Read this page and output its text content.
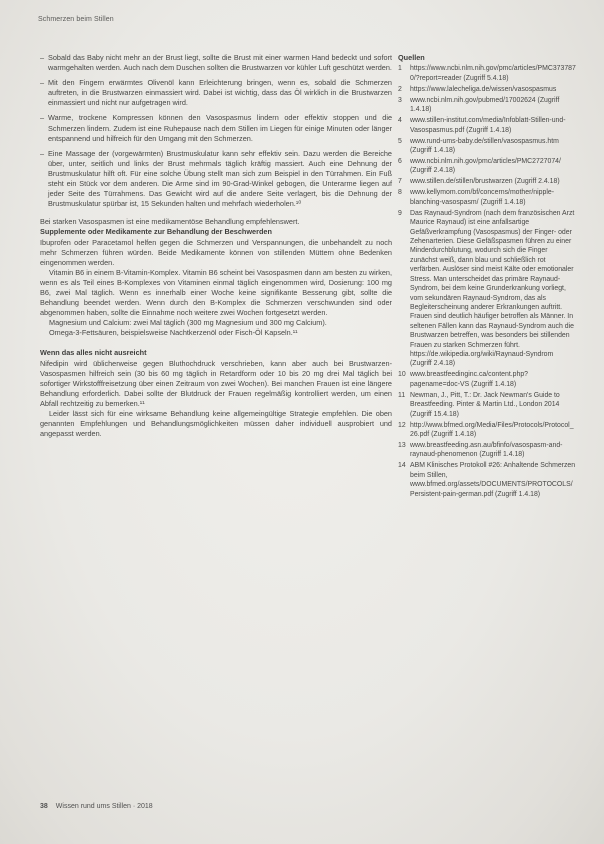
Schmerzen beim Stillen
– Sobald das Baby nicht mehr an der Brust liegt, sollte die Brust mit einer warmen Hand bedeckt und sofort warmgehalten werden. Auch nach dem Duschen sollten die Brustwarzen vor kühler Luft geschützt werden.
– Mit den Fingern erwärmtes Olivenöl kann Erleichterung bringen, wenn es, sobald die Schmerzen auftreten, in die Brustwarzen einmassiert wird. Dabei ist wichtig, dass das Öl wirklich in die Brustwarzen einmassiert und nicht nur aufgetragen wird.
– Warme, trockene Kompressen können den Vasospasmus lindern oder effektiv stoppen und die Schmerzen lindern. Zudem ist eine Ruhepause nach dem Stillen im Liegen für einige Minuten oder länger entspannend und hilfreich für den Umgang mit den Schmerzen.
– Eine Massage der (vorgewärmten) Brustmuskulatur kann sehr effektiv sein. Dazu werden die Bereiche über, unter, seitlich und links der Brust mehrmals täglich kräftig massiert. Auch eine Dehnung der Brustmuskulatur hilft oft. Für eine solche Übung stellt man sich zum Beispiel in den Türrahmen. Ein Fuß steht ein Stück vor dem anderen. Die Arme sind im 90-Grad-Winkel gebogen, die Unterarme liegen auf jeder Seite des Türrahmens. Das Gewicht wird auf die andere Seite verlagert, bis die Dehnung der Brustmuskulatur spürbar ist, 15 Sekunden halten und mehrfach wiederholen.¹⁰

Bei starken Vasospasmen ist eine medikamentöse Behandlung empfehlenswert.

Supplemente oder Medikamente zur Behandlung der Beschwerden

Ibuprofen oder Paracetamol helfen gegen die Schmerzen und Verspannungen, die unbehandelt zu noch mehr Schmerzen führen würden. Beide Medikamente können von stillenden Müttern ohne Bedenken eingenommen werden.

Vitamin B6 in einem B-Vitamin-Komplex. Vitamin B6 scheint bei Vasospasmen dann am besten zu wirken, wenn es als Teil eines B-Komplexes von Vitaminen einmal täglich eingenommen wird, Dosierung: 100 mg B6, zwei Mal täglich. Wenn es innerhalb einer Woche keine signifikante Besserung gibt, sollte die Behandlung beendet werden. Wenn durch den B-Komplex die Schmerzen verschwunden sind oder abgenommen haben, sollte die Einnahme noch weitere zwei Wochen fortgesetzt werden.

Magnesium und Calcium: zwei Mal täglich (300 mg Magnesium und 300 mg Calcium).

Omega-3-Fettsäuren, beispielsweise Nachtkerzenöl oder Fisch-Öl Kapseln.¹¹

Wenn das alles nicht ausreicht

Nifedipin wird üblicherweise gegen Bluthochdruck verschrieben, kann aber auch bei Brustwarzen-Vasospasmen hilfreich sein (30 bis 60 mg täglich in Retardform oder 10 bis 20 mg drei Mal täglich bei sofortiger Wirkstofffreisetzung über einen Zeitraum von zwei Wochen). Bei manchen Frauen ist eine längere Behandlung erforderlich. Dabei sollte der Blutdruck der Frauen regelmäßig kontrolliert werden, um einen Abfall rechtzeitig zu bemerken.¹¹

Leider lässt sich für eine wirksame Behandlung keine allgemeingültige Strategie empfehlen. Die oben genannten Empfehlungen und Behandlungsmöglichkeiten müssen daher individuell ausprobiert und angepasst werden.

Quellen

1	https://www.ncbi.nlm.nih.gov/pmc/articles/PMC3737870/?report=reader (Zugriff 5.4.18)
2	https://www.lalecheliga.de/wissen/vasospasmus
3	www.ncbi.nlm.nih.gov/pubmed/17002624 (Zugriff 1.4.18)
4	www.stillen-institut.com/media/Infoblatt-Stillen-und-Vasospasmus.pdf (Zugriff 1.4.18)
5	www.rund-ums-baby.de/stillen/vasospasmus.htm (Zugriff 1.4.18)
6	www.ncbi.nlm.nih.gov/pmc/articles/PMC2727074/ (Zugriff 2.4.18)
7	www.stillen.de/stillen/brustwarzen (Zugriff 2.4.18)
8	www.kellymom.com/bf/concerns/mother/nipple-blanching-vasospasm/ (Zugriff 1.4.18)
9	Das Raynaud-Syndrom (nach dem französischen Arzt Maurice Raynaud) ist eine anfallsartige Gefäßverkrampfung (Vasospasmus) der Finger- oder Zehenarterien. Diese Gefäßspasmen führen zu einer Minderdurchblutung, wodurch sich die Finger zunächst weiß, dann blau und schließlich rot verfärben. Auslöser sind meist Kälte oder emotionaler Stress. Man unterscheidet das primäre Raynaud-Syndrom, bei dem keine Grunderkrankung vorliegt, vom sekundären Raynaud-Syndrom, das als Begleiterscheinung anderer Erkrankungen auftritt. Frauen sind deutlich häufiger betroffen als Männer. In seltenen Fällen kann das Raynaud-Syndrom auch die Brustwarzen betreffen, was besonders bei stillenden Frauen zu starken Schmerzen führt. https://de.wikipedia.org/wiki/Raynaud-Syndrom (Zugriff 2.4.18)
10 www.breastfeedinginc.ca/content.php?pagename=doc-VS (Zugriff 1.4.18)
11 Newman, J., Pitt, T.: Dr. Jack Newman's Guide to Breastfeeding. Pinter & Martin Ltd., London 2014 (Zugriff 15.4.18)
12 http://www.bfmed.org/Media/Files/Protocols/Protocol_26.pdf (Zugriff 1.4.18)
13 www.breastfeeding.asn.au/bfinfo/vasospasm-and-raynaud-phenomenon (Zugriff 1.4.18)
14 ABM Klinisches Protokoll #26: Anhaltende Schmerzen beim Stillen, www.bfmed.org/assets/DOCUMENTS/PROTOCOLS/Persistent-pain-german.pdf (Zugriff 1.4.18)
38 Wissen rund ums Stillen · 2018
